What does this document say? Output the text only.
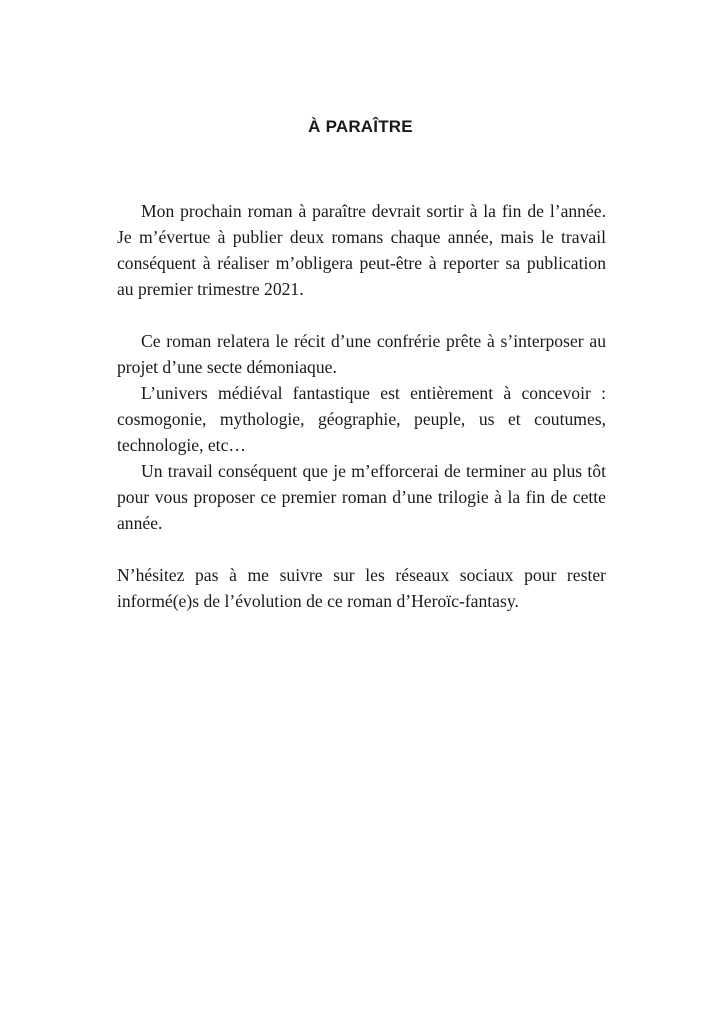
À PARAÎTRE

Mon prochain roman à paraître devrait sortir à la fin de l’année. Je m’évertue à publier deux romans chaque année, mais le travail conséquent à réaliser m’obligera peut-être à reporter sa publication au premier trimestre 2021.

Ce roman relatera le récit d’une confrérie prête à s’interposer au projet d’une secte démoniaque.

L’univers médiéval fantastique est entièrement à concevoir : cosmogonie, mythologie, géographie, peuple, us et coutumes, technologie, etc…

Un travail conséquent que je m’efforcerai de terminer au plus tôt pour vous proposer ce premier roman d’une trilogie à la fin de cette année.

N’hésitez pas à me suivre sur les réseaux sociaux pour rester informé(e)s de l’évolution de ce roman d’Heroïc-fantasy.
